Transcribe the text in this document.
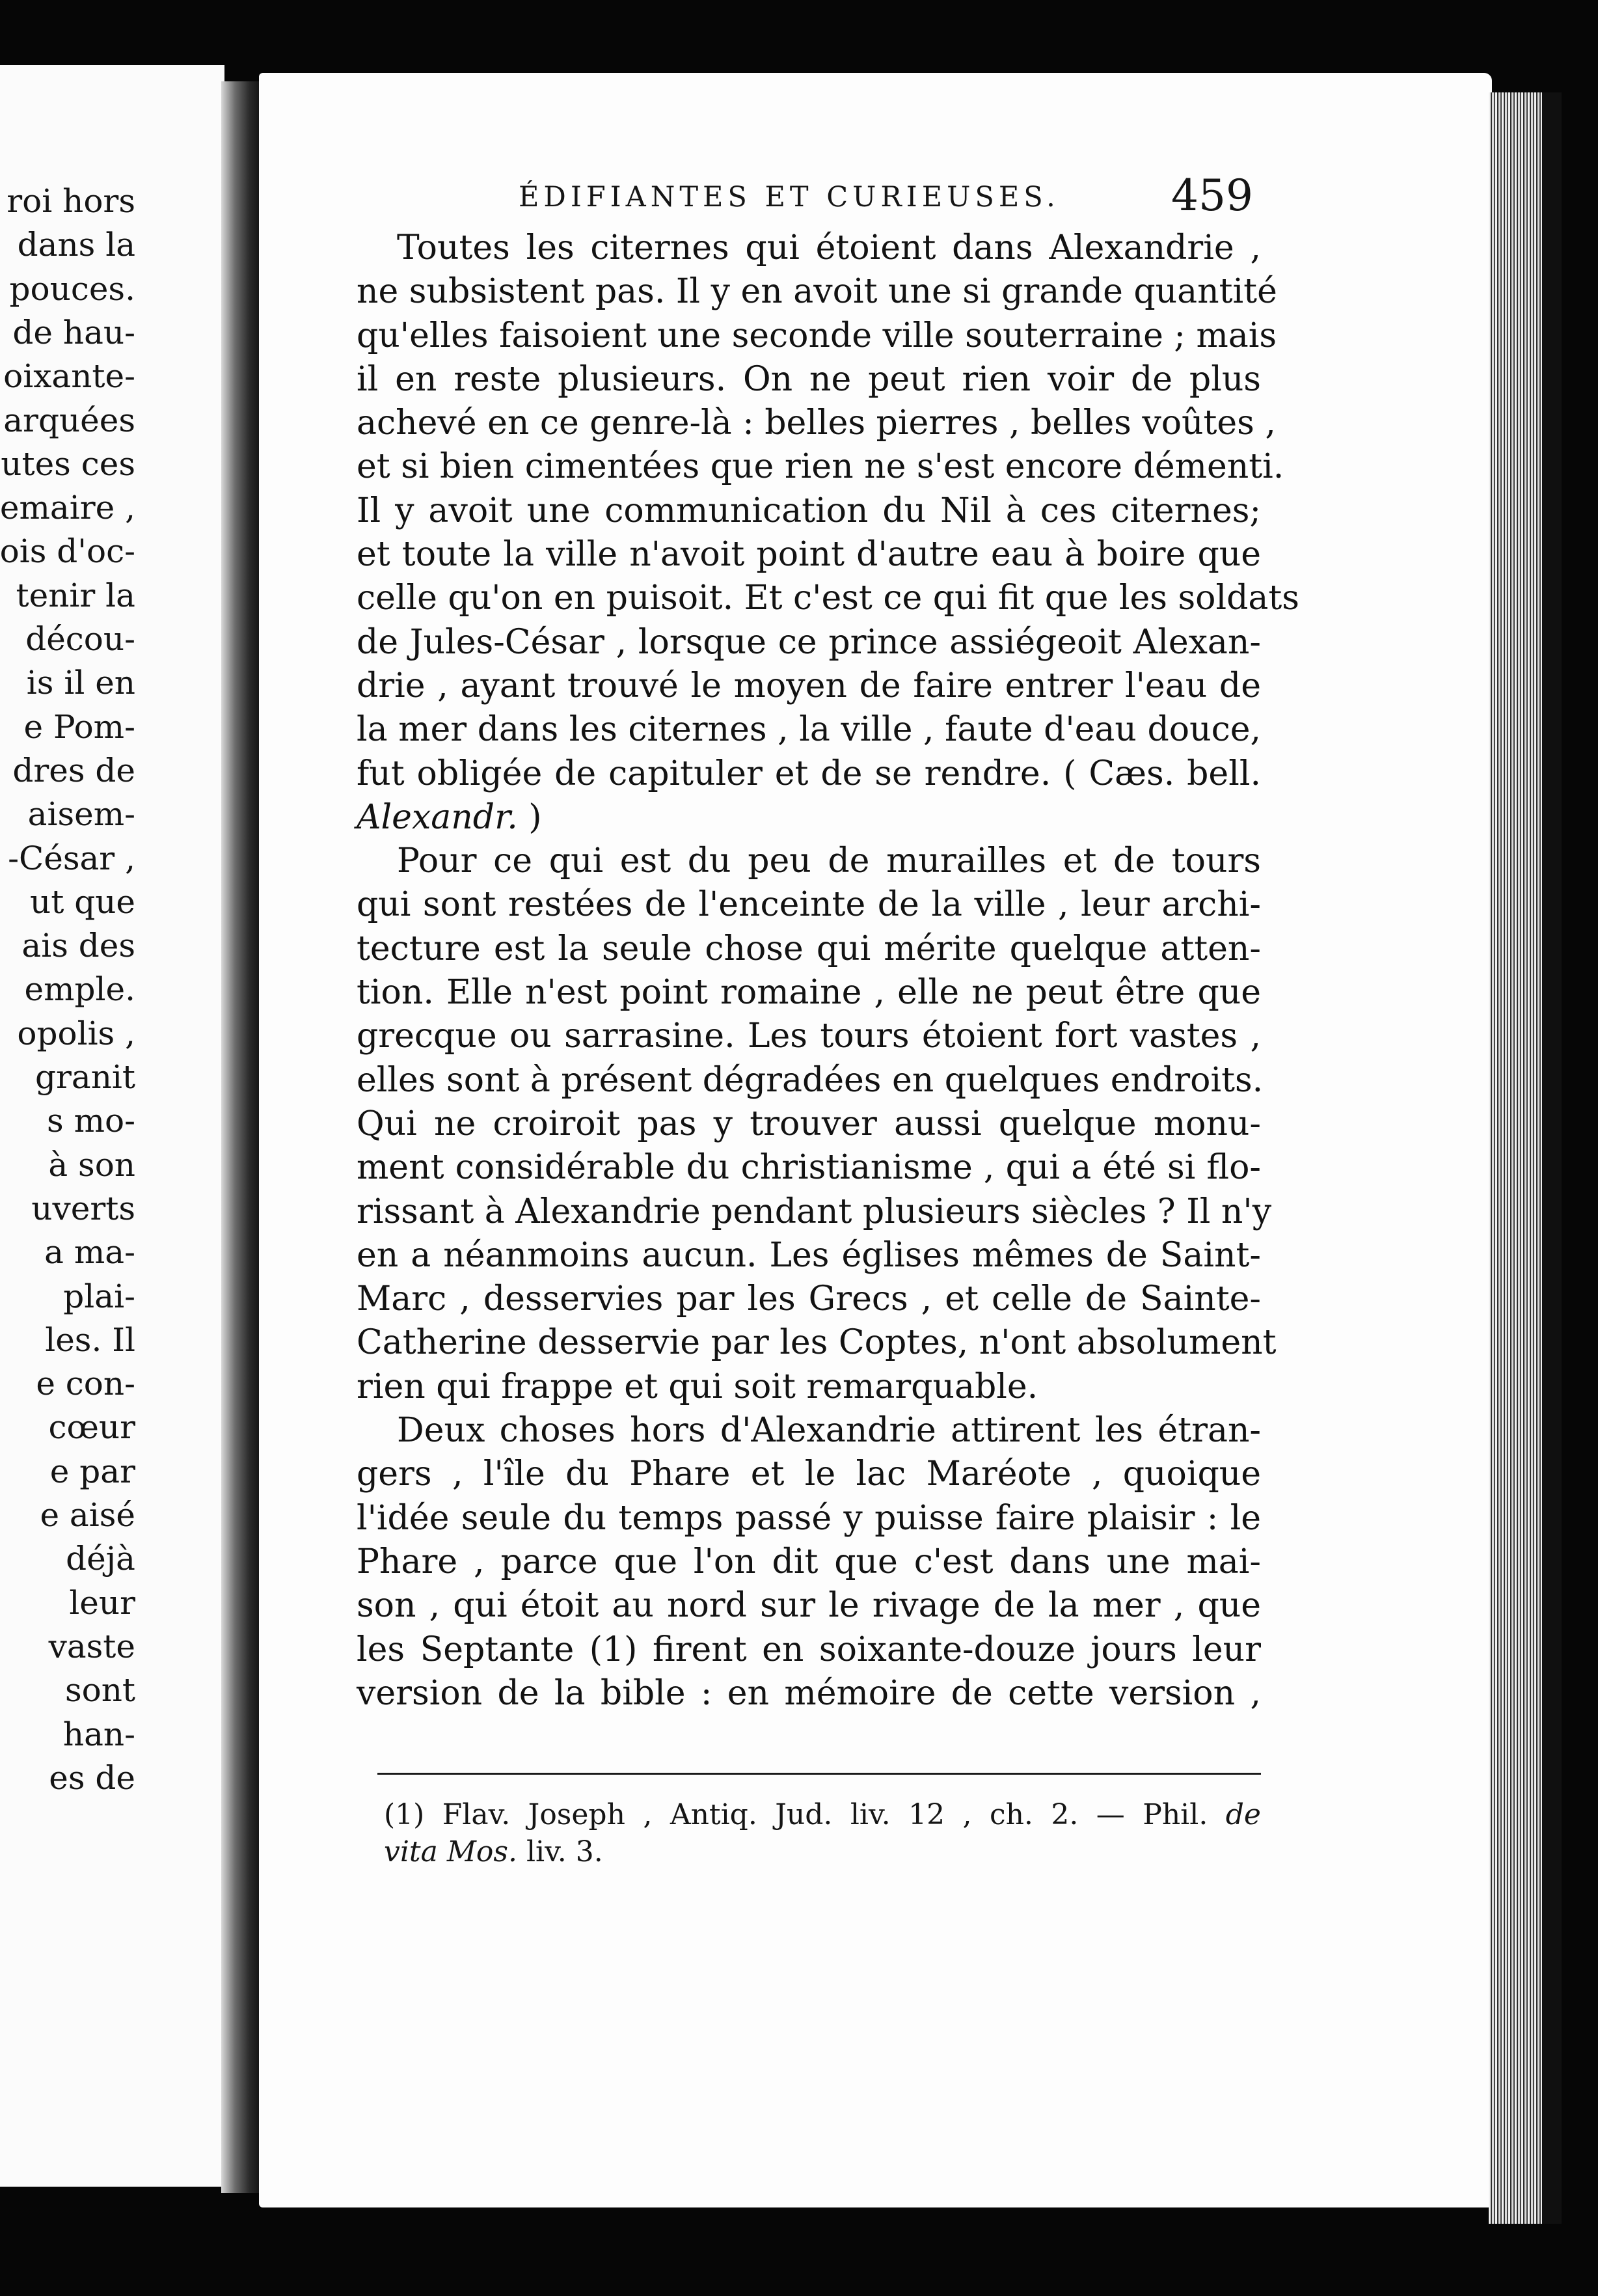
roi hors
dans la
pouces.
de hau-
oixante-
arquées
utes ces
emaire ,
ois d'oc-
tenir la
décou-
is il en
e Pom-
dres de
aisem-
-César ,
ut que
ais des
emple.
opolis ,
granit
s mo-
à son
uverts
a ma-
plai-
les. Il
e con-
cœur
e par
e aisé
déjà
leur
vaste
sont
han-
es de
ÉDIFIANTES ET CURIEUSES.	459
Toutes les citernes qui étoient dans Alexandrie ,
ne subsistent pas. Il y en avoit une si grande quantité
qu'elles faisoient une seconde ville souterraine ; mais
il en reste plusieurs. On ne peut rien voir de plus
achevé en ce genre-là : belles pierres , belles voûtes ,
et si bien cimentées que rien ne s'est encore démenti.
Il y avoit une communication du Nil à ces citernes;
et toute la ville n'avoit point d'autre eau à boire que
celle qu'on en puisoit. Et c'est ce qui fit que les soldats
de Jules-César , lorsque ce prince assiégeoit Alexan-
drie , ayant trouvé le moyen de faire entrer l'eau de
la mer dans les citernes , la ville , faute d'eau douce,
fut obligée de capituler et de se rendre. ( Cæs. bell.
Alexandr. )
Pour ce qui est du peu de murailles et de tours
qui sont restées de l'enceinte de la ville , leur archi-
tecture est la seule chose qui mérite quelque atten-
tion. Elle n'est point romaine , elle ne peut être que
grecque ou sarrasine. Les tours étoient fort vastes ,
elles sont à présent dégradées en quelques endroits.
Qui ne croiroit pas y trouver aussi quelque monu-
ment considérable du christianisme , qui a été si flo-
rissant à Alexandrie pendant plusieurs siècles ? Il n'y
en a néanmoins aucun. Les églises mêmes de Saint-
Marc , desservies par les Grecs , et celle de Sainte-
Catherine desservie par les Coptes, n'ont absolument
rien qui frappe et qui soit remarquable.
Deux choses hors d'Alexandrie attirent les étran-
gers , l'île du Phare et le lac Maréote , quoique
l'idée seule du temps passé y puisse faire plaisir : le
Phare , parce que l'on dit que c'est dans une mai-
son , qui étoit au nord sur le rivage de la mer , que
les Septante (1) firent en soixante-douze jours leur
version de la bible : en mémoire de cette version ,
(1) Flav. Joseph , Antiq. Jud. liv. 12 , ch. 2. — Phil. de
vita Mos. liv. 3.
